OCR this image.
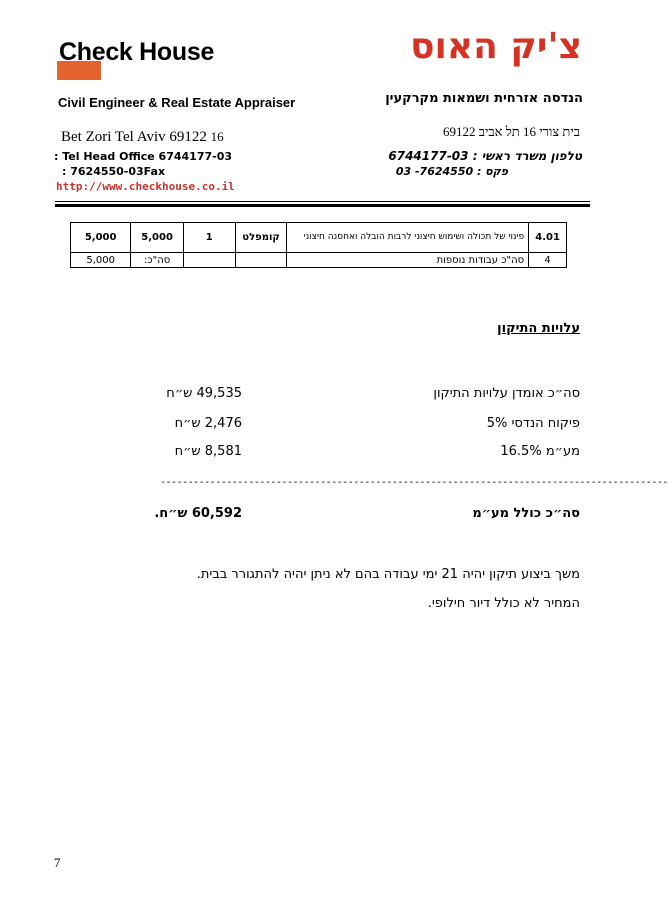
Check House
Civil Engineer & Real Estate Appraiser
Bet Zori Tel Aviv 69122 16
: Tel Head Office 6744177-03
: 7624550-03Fax
http://www.checkhouse.co.il
צ'יק האוס
הנדסה אזרחית ושמאות מקרקעין
בית צורי 16 תל אביב 69122
טלפון משרד ראשי : 6744177-03
פקס : 7624550- 03
4.01	פינוי של תכולה ושימוש חיצוני לרבות הובלה ואחסנה חיצוני	קומפלט	1	5,000	5,000
4	סה"כ עבודות נוספות			סה"כ:	5,000
עלויות התיקון
סה״כ אומדן עלויות התיקון
49,535 ש״ח
פיקוח הנדסי 5%
2,476 ש״ח
מע״מ 16.5%
8,581 ש״ח
--------------------------------------------------------------------------------------------
סה״כ כולל מע״מ
60,592 ש״ח.
משך ביצוע תיקון יהיה 21 ימי עבודה בהם לא ניתן יהיה להתגורר בבית.
המחיר לא כולל דיור חילופי.
7
